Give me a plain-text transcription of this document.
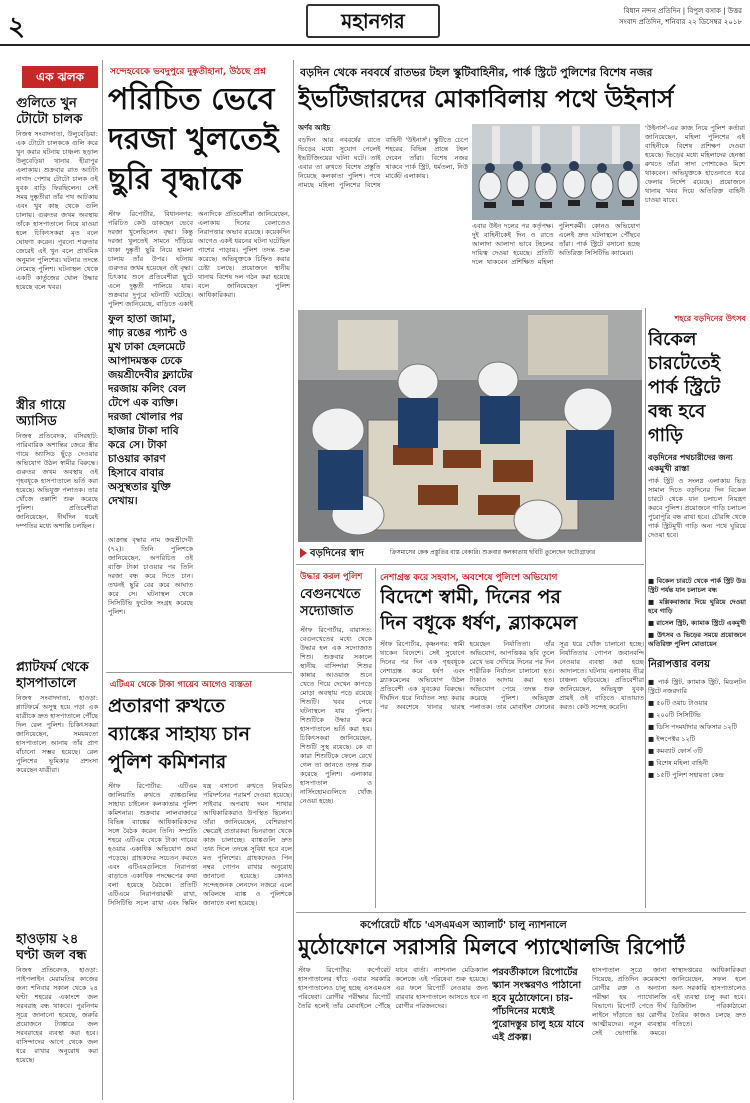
২	মহানগর	বিধান নন্দন প্রতিদিন | বিপুল বসাক | উত্তর
সংবাদ প্রতিদিন, শনিবার ২২ ডিসেম্বর ২০১৮
এক ঝলক
গুলিতে খুন টোটো চালক
নিজস্ব সংবাদদাতা, উলুবেড়িয়া: এক টোটো চালককে গুলি করে খুন করার ঘটনায় চাঞ্চল্য ছড়াল উলুবেড়িয়া থানার হীরাপুর এলাকায়। শুক্রবার রাত আটটা নাগাদ পেশায় টোটো চালক ওই যুবক বাড়ি ফিরছিলেন। সেই সময় দুষ্কৃতীরা তাঁর পথ আটকায় এবং খুব কাছ থেকে গুলি চালায়। গুরুতর জখম অবস্থায় তাঁকে হাসপাতালে নিয়ে যাওয়া হলে চিকিৎসকরা মৃত বলে ঘোষণা করেন। পুরনো শত্রুতার জেরেই এই খুন বলে প্রাথমিক অনুমান পুলিশের। ঘটনার তদন্তে নেমেছে পুলিশ। ঘটনাস্থল থেকে একটি কার্তুজের খোল উদ্ধার হয়েছে বলে খবর।
স্ত্রীর গায়ে অ্যাসিড
নিজস্ব প্রতিবেদক, বসিরহাট: পারিবারিক অশান্তির জেরে স্ত্রীর গায়ে অ্যাসিড ছুঁড়ে দেওয়ার অভিযোগ উঠল স্বামীর বিরুদ্ধে। গুরুতর জখম অবস্থায় ওই গৃহবধূকে হাসপাতালে ভর্তি করা হয়েছে। অভিযুক্ত পলাতক। তার খোঁজে তল্লাশি শুরু করেছে পুলিশ। প্রতিবেশীরা জানিয়েছেন, দীর্ঘদিন ধরেই দম্পতির মধ্যে অশান্তি চলছিল।
প্ল্যাটফর্ম থেকে হাসপাতালে
নিজস্ব সংবাদদাতা, হাওড়া: প্ল্যাটফর্মে অসুস্থ হয়ে পড়া এক যাত্রীকে দ্রুত হাসপাতালে পৌঁছে দিল রেল পুলিশ। চিকিৎসকরা জানিয়েছেন, সময়মতো হাসপাতালে আনায় তাঁর প্রাণ বাঁচানো সম্ভব হয়েছে। রেল পুলিশের ভূমিকার প্রশংসা করেছেন যাত্রীরা।
হাওড়ায় ২৪ ঘণ্টা জল বন্ধ
নিজস্ব প্রতিবেদক, হাওড়া: পাইপলাইন মেরামতির কাজের জন্য শনিবার সকাল থেকে ২৪ ঘণ্টা শহরের একাংশে জল সরবরাহ বন্ধ থাকবে। পুরনিগম সূত্রে জানানো হয়েছে, জরুরি প্রয়োজনে ট্যাঙ্কারে জল সরবরাহের ব্যবস্থা করা হবে। বাসিন্দাদের আগে থেকে জল ধরে রাখার অনুরোধ করা হয়েছে।
সন্দেহবেকে ভবদুপুরে দুষ্কৃতীহানা, উঠছে প্রশ্ন
পরিচিত ভেবে
দরজা খুলতেই
ছুরি বৃদ্ধাকে
স্টাফ রিপোর্টার, বিধাননগর: পরিচিত কেউ ডাকছেন ভেবে দরজা খুলেছিলেন বৃদ্ধা। কিন্তু দরজা খুলতেই সামনে দাঁড়িয়ে থাকা দুষ্কৃতী ছুরি নিয়ে হামলা চালায় তাঁর উপর। ঘটনায় গুরুতর জখম হয়েছেন ওই বৃদ্ধা। চিৎকার শুনে প্রতিবেশীরা ছুটে এলে দুষ্কৃতী পালিয়ে যায়। শুক্রবার দুপুরে ঘটনাটি ঘটেছে। পুলিশ জানিয়েছে, বাড়িতে একাই
ফুল হাতা জামা, গাঢ় রঙের প্যান্ট ও মুখ ঢাকা হেলমেটে আপাদমস্তক ঢেকে জয়শ্রীদেবীর ফ্ল্যাটের দরজায় কলিং বেল টেপে এক ব্যক্তি। দরজা খোলার পর হাজার টাকা দাবি করে সে। টাকা চাওয়ার কারণ হিসাবে বাবার অসুস্থতার যুক্তি দেখায়।
আক্রান্ত বৃদ্ধার নাম জয়শ্রীদেবী (৭২)। তিনি পুলিশকে জানিয়েছেন, অপরিচিত ওই ব্যক্তি টাকা চাওয়ার পর তিনি দরজা বন্ধ করে দিতে চান। তখনই ছুরি বের করে আঘাত করে সে। ঘটনাস্থল থেকে সিসিটিভি ফুটেজ সংগ্রহ করেছে পুলিশ।
অন্যদিকে প্রতিবেশীরা জানিয়েছেন, এলাকায় দিনের বেলাতেও নিরাপত্তার অভাব রয়েছে। কয়েকদিন আগেও একই ধরনের ঘটনা ঘটেছিল পাশের পাড়ায়। পুলিশ তদন্ত শুরু করেছে। অভিযুক্তকে চিহ্নিত করার চেষ্টা চলছে। প্রয়োজনে স্থানীয় থানায় বিশেষ দল গঠন করা হয়েছে বলে জানিয়েছেন পুলিশ আধিকারিকরা।
এটিএম থেকে টাকা গায়েব আগেও ব্যস্ততা
প্রতারণা রুখতে
ব্যাঙ্কের সাহায্য চান
পুলিশ কমিশনার
স্টাফ রিপোর্টার: এটিএম জালিয়াতি রুখতে ব্যাঙ্কগুলির সাহায্য চাইলেন কলকাতার পুলিশ কমিশনার। শুক্রবার লালবাজারে বিভিন্ন ব্যাঙ্কের আধিকারিকদের সঙ্গে বৈঠক করেন তিনি। সম্প্রতি শহরে এটিএম থেকে টাকা গায়েব হওয়ার একাধিক অভিযোগ জমা পড়েছে। গ্রাহকদের সচেতন করতে এবং এটিএমগুলিতে নিরাপত্তা বাড়াতে একাধিক পদক্ষেপের কথা বলা হয়েছে বৈঠকে। প্রতিটি এটিএমে নিরাপত্তারক্ষী রাখা, সিসিটিভি সচল রাখা এবং স্কিমিং যন্ত্র বসানো রুখতে নিয়মিত পরিদর্শনের পরামর্শ দেওয়া হয়েছে। সাইবার অপরাধ দমন শাখার আধিকারিকরাও উপস্থিত ছিলেন। তাঁরা জানিয়েছেন, বেশিরভাগ ক্ষেত্রেই প্রতারকরা ভিনরাজ্য থেকে কাজ চালাচ্ছে। ব্যাঙ্কগুলি দ্রুত তথ্য দিলে তদন্তে সুবিধা হবে বলে মত পুলিশের। গ্রাহকদেরও পিন নম্বর গোপন রাখার অনুরোধ জানানো হয়েছে। কোনও সন্দেহজনক লেনদেন নজরে এলে অবিলম্বে ব্যাঙ্ক ও পুলিশকে জানাতে বলা হয়েছে।
বড়দিন থেকে নববর্ষে রাতভর টহল স্কুটিবাহিনীর, পার্ক স্ট্রিটে পুলিশের বিশেষ নজর
ইভটিজারদের মোকাবিলায় পথে উইনার্স
অর্ণব আইচ
বড়দিন আর নববর্ষের রাতে ভিড়ের মধ্যে সুযোগ পেলেই ইভটিজিংয়ের ঘটনা ঘটে। তাই এবার তা রুখতে বিশেষ প্রস্তুতি নিয়েছে কলকাতা পুলিশ। পথে নামছে মহিলা পুলিশের বিশেষ বাহিনী 'উইনার্স'। স্কুটিতে চেপে শহরের বিভিন্ন প্রান্তে টহল দেবেন তাঁরা। বিশেষ নজর থাকবে পার্ক স্ট্রিট, ধর্মতলা, নিউ মার্কেট এলাকায়।
এবার উইন দলের পর কর্তৃপক্ষ। দুই বাহিনীকেই দিন ও রাতে আলাদা আলাদা ভাবে টহলের দায়িত্ব দেওয়া হয়েছে। প্রতিটি দলে থাকবেন প্রশিক্ষিত মহিলা পুলিশকর্মী। কোনও অভিযোগ এলেই দ্রুত ঘটনাস্থলে পৌঁছবে তাঁরা। পার্ক স্ট্রিটে বসানো হচ্ছে অতিরিক্ত সিসিটিভি ক্যামেরা।
'উইনার্স'-এর কাজ নিয়ে পুলিশ কর্তারা জানিয়েছেন, মহিলা পুলিশের এই বাহিনীকে বিশেষ প্রশিক্ষণ দেওয়া হয়েছে। ভিড়ের মধ্যে মহিলাদের হেনস্তা রুখতে তাঁরা সাদা পোশাকেও মিশে থাকবেন। অভিযুক্তকে হাতেনাতে ধরে ফেলার নির্দেশ রয়েছে। প্রয়োজনে থানায় খবর দিয়ে অতিরিক্ত বাহিনী চাওয়া যাবে।
বড়দিনের স্বাদ	ক্রিসমাসের কেক প্রস্তুতির ব্যস্ত বেকারি। শুক্রবার কলকাতায় ছবিটি তুলেছেন ফটোগ্রাফার
শহরে বড়দিনের উৎসব
বিকেল
চারটেতেই
পার্ক স্ট্রিটে
বন্ধ হবে
গাড়ি
বড়দিনের পথচারীদের জন্য একমুখী রাস্তা
পার্ক স্ট্রিট ও সংলগ্ন এলাকায় ভিড় সামাল দিতে বড়দিনের দিন বিকেল চারটে থেকে যান চলাচল নিয়ন্ত্রণ করবে পুলিশ। প্রয়োজনে গাড়ি চলাচল পুরোপুরি বন্ধ রাখা হবে। চৌরঙ্গি থেকে পার্ক স্ট্রিটমুখী গাড়ি অন্য পথে ঘুরিয়ে দেওয়া হবে।
■ বিকেল চারটে থেকে পার্ক স্ট্রিট উড স্ট্রিট পর্যন্ত যান চলাচল বন্ধ
■ মল্লিকবাজার দিয়ে ঘুরিয়ে দেওয়া হবে গাড়ি
■ রাসেল স্ট্রিট, ক্যামাক স্ট্রিটে একমুখী
■ উৎসব ও ভিড়ের সময়ে প্রয়োজনে অতিরিক্ত পুলিশ মোতায়েন
নিরাপত্তার বলয়
■ পার্ক স্ট্রিট, ক্যামাক স্ট্রিট, মিডলটন স্ট্রিটে নজরদারি
■ ৫০টি ওয়াচ টাওয়ার
■ ২০০টি সিসিটিভি
■ ডিসি পদমর্যাদার অফিসার ১২টি
■ ইন্সপেক্টর ১২টি
■ কমব্যাট ফোর্স ৩টি
■ বিশেষ মহিলা বাহিনী
■ ১৫টি পুলিশ সহায়তা কেন্দ্র
উদ্ধার করল পুলিশ
বেগুনখেতে
সদ্যোজাত
স্টাফ রিপোর্টার, বারাসত: বেগুনখেতের মধ্যে থেকে উদ্ধার হল এক সদ্যোজাত শিশু। শুক্রবার সকালে স্থানীয় বাসিন্দারা শিশুর কান্নার আওয়াজ শুনে খেতে গিয়ে দেখেন কাপড়ে মোড়া অবস্থায় পড়ে রয়েছে শিশুটি। খবর পেয়ে ঘটনাস্থলে যায় পুলিশ। শিশুটিকে উদ্ধার করে হাসপাতালে ভর্তি করা হয়। চিকিৎসকরা জানিয়েছেন, শিশুটি সুস্থ রয়েছে। কে বা কারা শিশুটিকে ফেলে রেখে গেল তা জানতে তদন্ত শুরু করেছে পুলিশ। এলাকার হাসপাতাল ও নার্সিংহোমগুলিতে খোঁজ নেওয়া হচ্ছে।
নেশাগ্রস্ত করে সহবাস, অবশেষে পুলিশে অভিযোগ
বিদেশে স্বামী, দিনের পর
দিন বধূকে ধর্ষণ, ব্ল্যাকমেল
স্টাফ রিপোর্টার, কৃষ্ণনগর: স্বামী থাকেন বিদেশে। সেই সুযোগে দিনের পর দিন এক গৃহবধূকে নেশাগ্রস্ত করে ধর্ষণ এবং ব্ল্যাকমেলের অভিযোগ উঠল প্রতিবেশী এক যুবকের বিরুদ্ধে। দীর্ঘদিন ধরে নির্যাতন সহ্য করার পর অবশেষে থানার দ্বারস্থ হয়েছেন নির্যাতিতা। তাঁর অভিযোগ, আপত্তিকর ছবি তুলে রেখে ভয় দেখিয়ে দিনের পর দিন শারীরিক নির্যাতন চালানো হত। টাকাও আদায় করা হত। অভিযোগ পেয়ে তদন্ত শুরু করেছে পুলিশ। অভিযুক্ত পলাতক। তার মোবাইল ফোনের সূত্র ধরে খোঁজ চালানো হচ্ছে। নির্যাতিতার গোপন জবানবন্দি নেওয়ার ব্যবস্থা করা হচ্ছে আদালতে। ঘটনায় এলাকায় তীব্র চাঞ্চল্য ছড়িয়েছে। প্রতিবেশীরা জানিয়েছেন, অভিযুক্ত যুবক প্রায়ই ওই বাড়িতে যাতায়াত করত। কেউ সন্দেহ করেনি।
কর্পোরেটে ধাঁচে 'এসএমএস অ্যালার্ট' চালু ন্যাশনালে
মুঠোফোনে সরাসরি মিলবে প্যাথোলজি রিপোর্ট
স্টাফ রিপোর্টার: কর্পোরেট হাসপাতালের ধাঁচে এবার সরকারি হাসপাতালেও চালু হচ্ছে এসএমএস পরিষেবা। রোগীর পরীক্ষার রিপোর্ট তৈরি হলেই তাঁর মোবাইলে পৌঁছে যাবে বার্তা। ন্যাশনাল মেডিক্যাল কলেজে এই পরিষেবা শুরু হয়েছে। এর ফলে রিপোর্ট নেওয়ার জন্য বারবার হাসপাতালে আসতে হবে না রোগীর পরিজনদের।
পরবর্তীকালে রিপোর্টের স্ক্যান সংস্করণও পাঠানো হবে মুঠোফোনে। চার-পাঁচদিনের মধ্যেই পুরোদস্তুর চালু হয়ে যাবে এই প্রকল্প।
হাসপাতাল সূত্রে জানা গিয়েছে, প্রতিদিন কয়েকশো রোগীর রক্ত ও অন্যান্য পরীক্ষা হয় প্যাথোলজি বিভাগে। রিপোর্ট পেতে দীর্ঘ লাইনে দাঁড়াতে হয় রোগীর আত্মীয়দের। নতুন ব্যবস্থায় সেই ভোগান্তি কমবে। স্বাস্থ্যদপ্তরের আধিকারিকরা জানিয়েছেন, সফল হলে অন্য সরকারি হাসপাতালেও এই ব্যবস্থা চালু করা হবে। ডিজিটাল পরিকাঠামো তৈরির কাজও চলছে দ্রুত গতিতে।
